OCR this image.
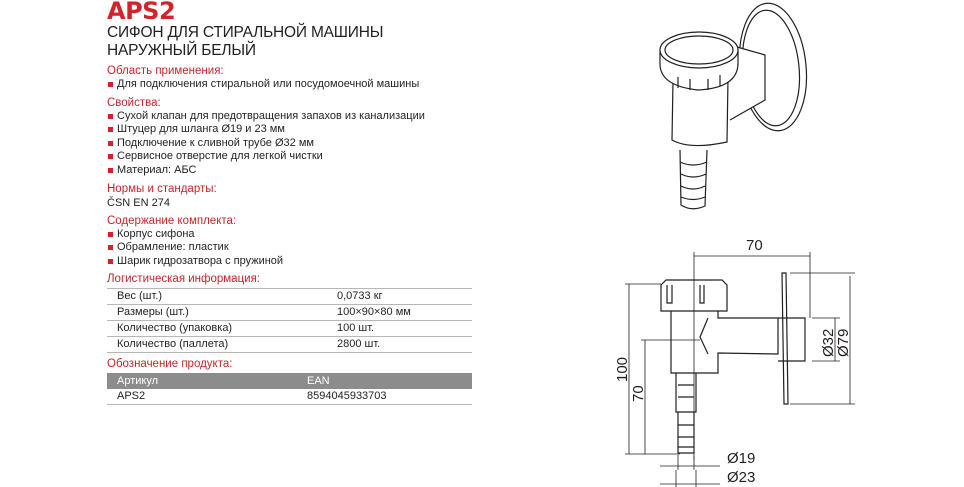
APS2
СИФОН ДЛЯ СТИРАЛЬНОЙ МАШИНЫ НАРУЖНЫЙ БЕЛЫЙ
Область применения:
Для подключения стиральной или посудомоечной машины
Свойства:
Сухой клапан для предотвращения запахов из канализации
Штуцер для шланга Ø19 и 23 мм
Подключение к сливной трубе Ø32 мм
Сервисное отверстие для легкой чистки
Материал: АБС
Нормы и стандарты:
ČSN EN 274
Содержание комплекта:
Корпус сифона
Обрамление: пластик
Шарик гидрозатвора с пружиной
Логистическая информация:
Вес (шт.)	0,0733 кг
Размеры (шт.)	100×90×80 мм
Количество (упаковка)	100 шт.
Количество (паллета)	2800 шт.
Обозначение продукта:
Артикул	EAN
APS2	8594045933703
70
100
70
Ø32
Ø79
Ø19
Ø23
